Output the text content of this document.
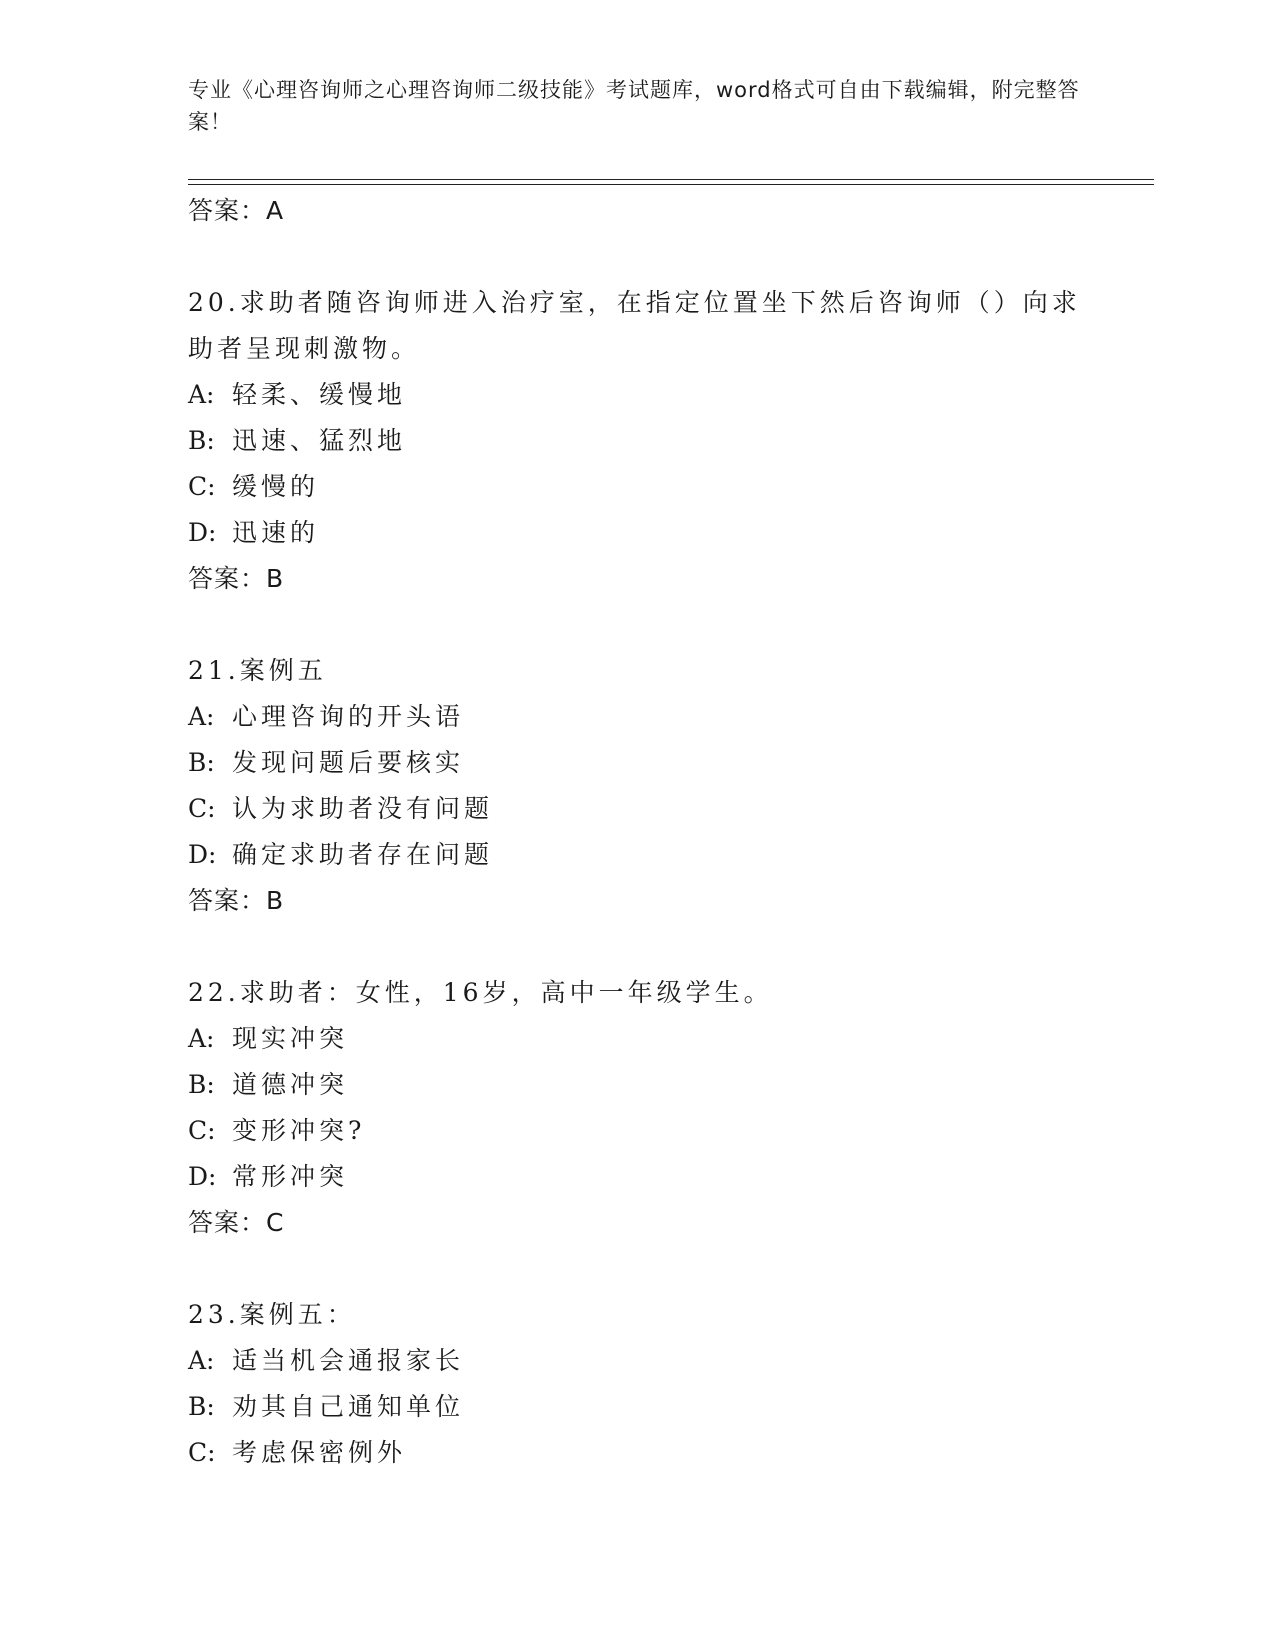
专业《心理咨询师之心理咨询师二级技能》考试题库，word格式可自由下载编辑，附完整答案！
答案：A
20.求助者随咨询师进入治疗室，在指定位置坐下然后咨询师（）向求助者呈现刺激物。
A: 轻柔、缓慢地
B: 迅速、猛烈地
C: 缓慢的
D: 迅速的
答案：B
21.案例五
A: 心理咨询的开头语
B: 发现问题后要核实
C: 认为求助者没有问题
D: 确定求助者存在问题
答案：B
22.求助者：女性，16岁，高中一年级学生。
A: 现实冲突
B: 道德冲突
C: 变形冲突?
D: 常形冲突
答案：C
23.案例五：
A: 适当机会通报家长
B: 劝其自己通知单位
C: 考虑保密例外
